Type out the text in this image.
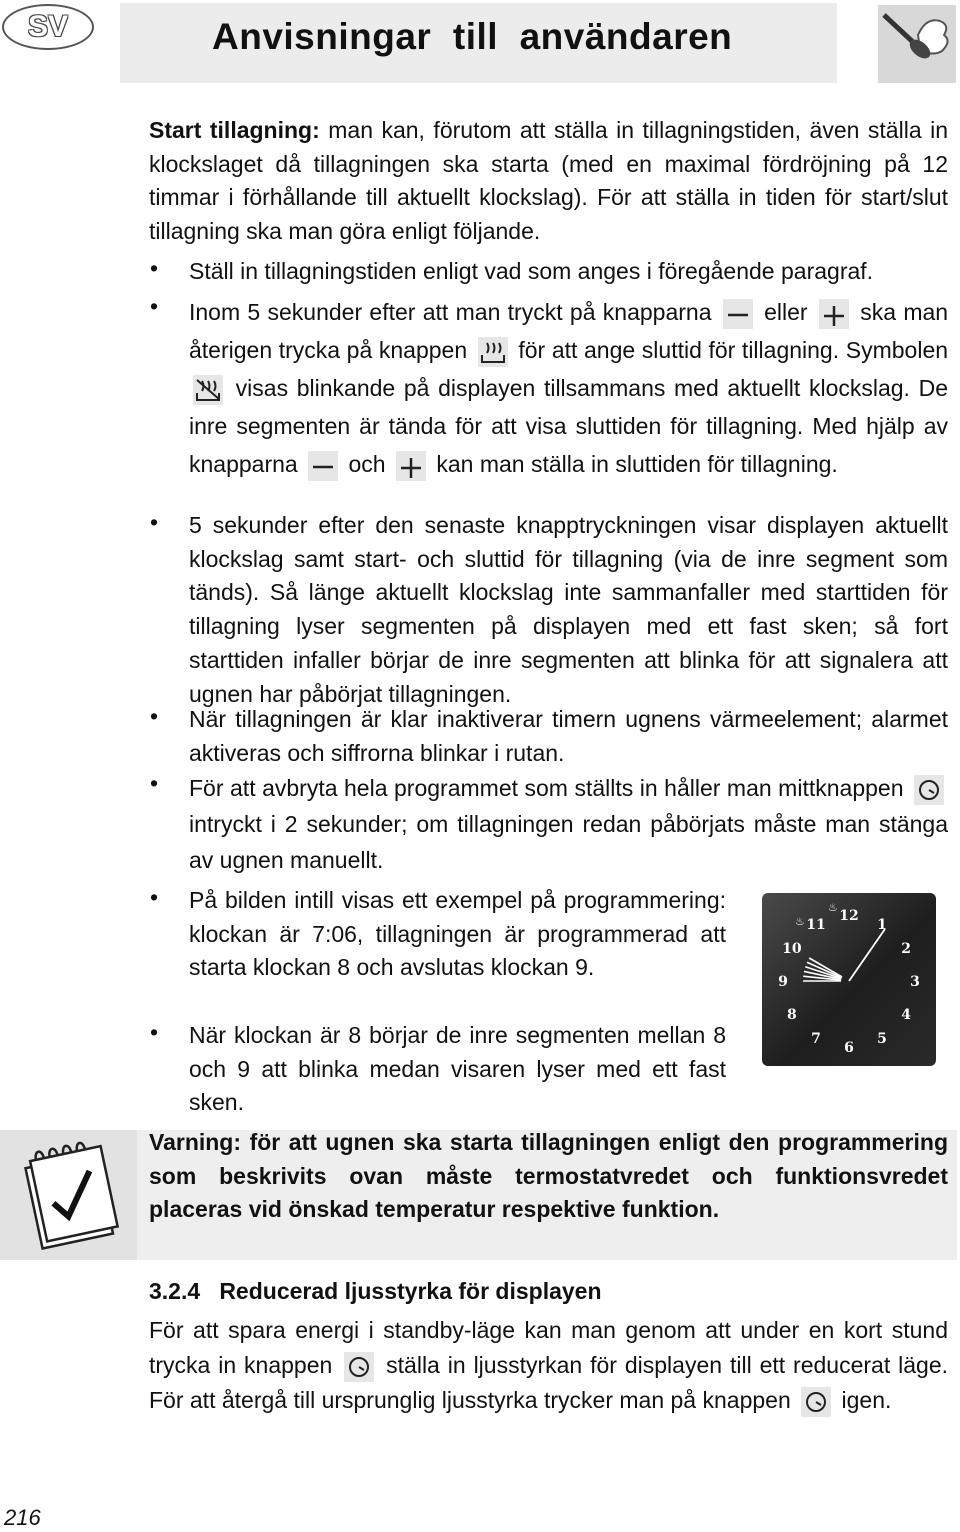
SV	Anvisningar  till  användaren
Start tillagning: man kan, förutom att ställa in tillagningstiden, även ställa in klockslaget då tillagningen ska starta (med en maximal fördröjning på 12 timmar i förhållande till aktuellt klockslag). För att ställa in tiden för start/slut tillagning ska man göra enligt följande.
• Ställ in tillagningstiden enligt vad som anges i föregående paragraf.
• Inom 5 sekunder efter att man tryckt på knapparna eller ska man återigen trycka på knappen för att ange sluttid för tillagning. Symbolen
visas blinkande på displayen tillsammans med aktuellt klockslag. De inre segmenten är tända för att visa sluttiden för tillagning. Med hjälp av knapparna och kan man ställa in sluttiden för tillagning.
• 5 sekunder efter den senaste knapptryckningen visar displayen aktuellt klockslag samt start- och sluttid för tillagning (via de inre segment som tänds). Så länge aktuellt klockslag inte sammanfaller med starttiden för tillagning lyser segmenten på displayen med ett fast sken; så fort starttiden infaller börjar de inre segmenten att blinka för att signalera att ugnen har påbörjat tillagningen.
• När tillagningen är klar inaktiverar timern ugnens värmeelement; alarmet aktiveras och siffrorna blinkar i rutan.
• För att avbryta hela programmet som ställts in håller man mittknappen
intryckt i 2 sekunder; om tillagningen redan påbörjats måste man stänga av ugnen manuellt.
• På bilden intill visas ett exempel på programmering: klockan är 7:06, tillagningen är programmerad att starta klockan 8 och avslutas klockan 9.
• När klockan är 8 börjar de inre segmenten mellan 8 och 9 att blinka medan visaren lyser med ett fast sken.
12
1
2
3
4
5
6
7
8
9
10
11
♨
♨
Varning: för att ugnen ska starta tillagningen enligt den programmering som beskrivits ovan måste termostatvredet och funktionsvredet placeras vid önskad temperatur respektive funktion.
3.2.4   Reducerad ljusstyrka för displayen
För att spara energi i standby-läge kan man genom att under en kort stund trycka in knappen ställa in ljusstyrkan för displayen till ett reducerat läge. För att återgå till ursprunglig ljusstyrka trycker man på knappen igen.
216
